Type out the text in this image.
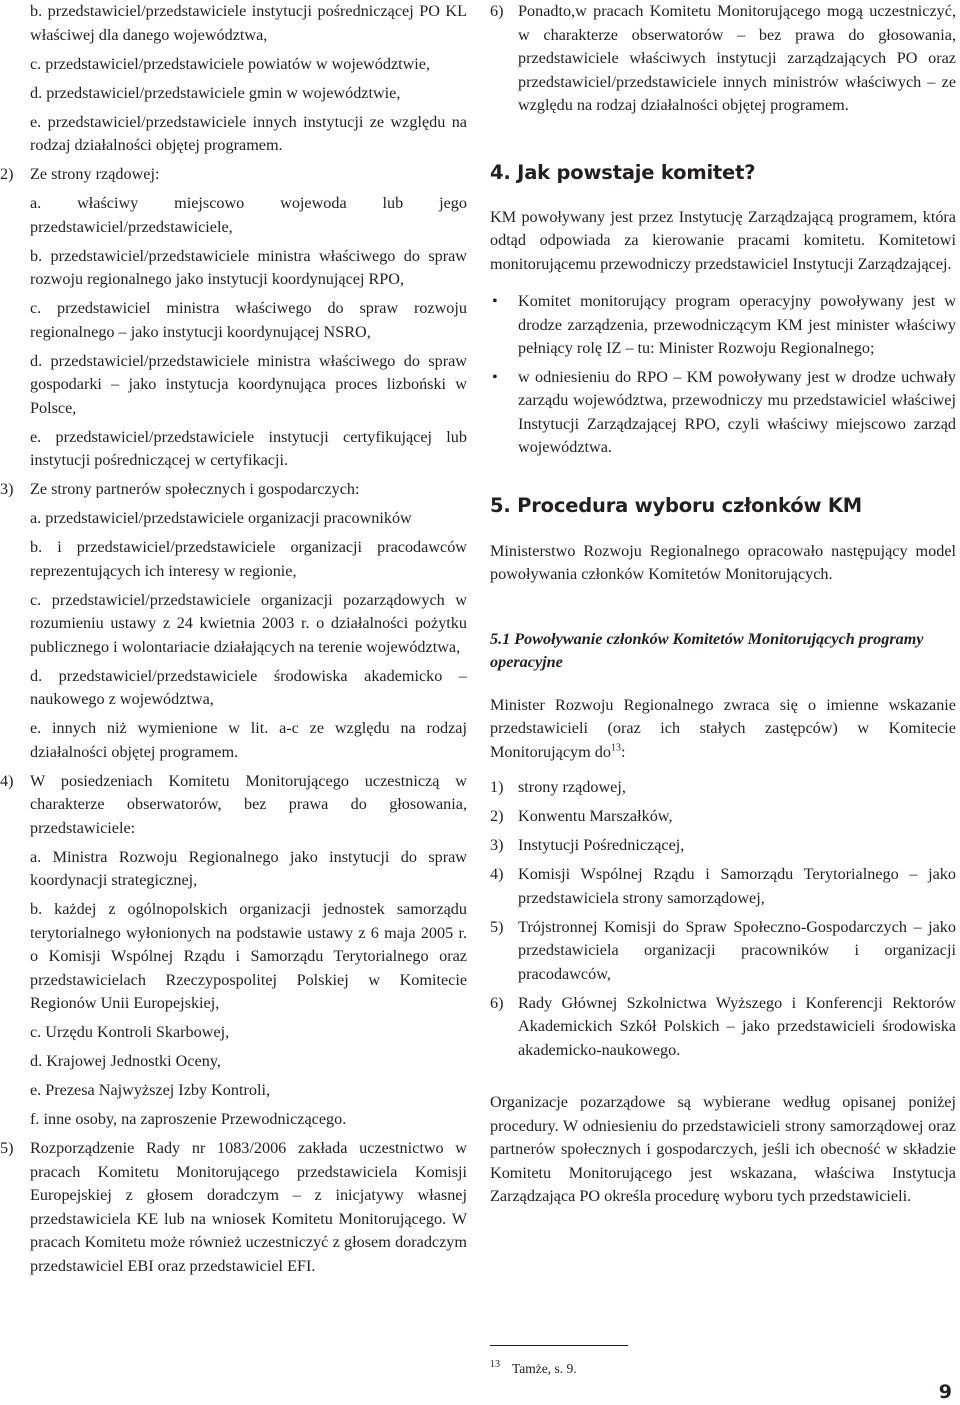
b. przedstawiciel/przedstawiciele instytucji pośredniczącej PO KL właściwej dla danego województwa,

c. przedstawiciel/przedstawiciele powiatów w województwie,

d. przedstawiciel/przedstawiciele gmin w województwie,

e. przedstawiciel/przedstawiciele innych instytucji ze względu na rodzaj działalności objętej programem.

2)	Ze strony rządowej:

a. właściwy miejscowo wojewoda lub jego przedstawiciel/przedstawiciele,

b. przedstawiciel/przedstawiciele ministra właściwego do spraw rozwoju regionalnego jako instytucji koordynującej RPO,

c. przedstawiciel ministra właściwego do spraw rozwoju regionalnego – jako instytucji koordynującej NSRO,

d. przedstawiciel/przedstawiciele ministra właściwego do spraw gospodarki – jako instytucja koordynująca proces lizboński w Polsce,

e. przedstawiciel/przedstawiciele instytucji certyfikującej lub instytucji pośredniczącej w certyfikacji.

3)	Ze strony partnerów społecznych i gospodarczych:

a. przedstawiciel/przedstawiciele organizacji pracowników

b. i przedstawiciel/przedstawiciele organizacji pracodawców reprezentujących ich interesy w regionie,

c. przedstawiciel/przedstawiciele organizacji pozarządowych w rozumieniu ustawy z 24 kwietnia 2003 r. o działalności pożytku publicznego i wolontariacie działających na terenie województwa,

d. przedstawiciel/przedstawiciele środowiska akademicko – naukowego z województwa,

e. innych niż wymienione w lit. a-c ze względu na rodzaj działalności objętej programem.

4)	W posiedzeniach Komitetu Monitorującego uczestniczą w charakterze obserwatorów, bez prawa do głosowania, przedstawiciele:

a. Ministra Rozwoju Regionalnego jako instytucji do spraw koordynacji strategicznej,

b. każdej z ogólnopolskich organizacji jednostek samorządu terytorialnego wyłonionych na podstawie ustawy z 6 maja 2005 r. o Komisji Wspólnej Rządu i Samorządu Terytorialnego oraz przedstawicielach Rzeczypospolitej Polskiej w Komitecie Regionów Unii Europejskiej,

c. Urzędu Kontroli Skarbowej,

d. Krajowej Jednostki Oceny,

e. Prezesa Najwyższej Izby Kontroli,

f. inne osoby, na zaproszenie Przewodniczącego.

5)	Rozporządzenie Rady nr 1083/2006 zakłada uczestnictwo w pracach Komitetu Monitorującego przedstawiciela Komisji Europejskiej z głosem doradczym – z inicjatywy własnej przedstawiciela KE lub na wniosek Komitetu Monitorującego. W pracach Komitetu może również uczestniczyć z głosem doradczym przedstawiciel EBI oraz przedstawiciel EFI.
6) Ponadto,w pracach Komitetu Monitorującego mogą uczestniczyć, w charakterze obserwatorów – bez prawa do głosowania, przedstawiciele właściwych instytucji zarządzających PO oraz przedstawiciel/przedstawiciele innych ministrów właściwych – ze względu na rodzaj działalności objętej programem.
4. Jak powstaje komitet?

KM powoływany jest przez Instytucję Zarządzającą programem, która odtąd odpowiada za kierowanie pracami komitetu. Komitetowi monitorującemu przewodniczy przedstawiciel Instytucji Zarządzającej.

•	Komitet monitorujący program operacyjny powoływany jest w drodze zarządzenia, przewodniczącym KM jest minister właściwy pełniący rolę IZ – tu: Minister Rozwoju Regionalnego;
•	w odniesieniu do RPO – KM powoływany jest w drodze uchwały zarządu województwa, przewodniczy mu przedstawiciel właściwej Instytucji Zarządzającej RPO, czyli właściwy miejscowo zarząd województwa.
5. Procedura wyboru członków KM

Ministerstwo Rozwoju Regionalnego opracowało następujący model powoływania członków Komitetów Monitorujących.

5.1 Powoływanie członków Komitetów Monitorujących programy operacyjne

Minister Rozwoju Regionalnego zwraca się o imienne wskazanie przedstawicieli (oraz ich stałych zastępców) w Komitecie Monitorującym $do^{13}$:

1) strony rządowej,
2) Konwentu Marszałków,
3) Instytucji Pośredniczącej,
4) Komisji Wspólnej Rządu i Samorządu Terytorialnego – jako przedstawiciela strony samorządowej,
5) Trójstronnej Komisji do Spraw Społeczno-Gospodarczych – jako przedstawiciela organizacji pracowników i organizacji pracodawców,
6) Rady Głównej Szkolnictwa Wyższego i Konferencji Rektorów Akademickich Szkół Polskich – jako przedstawicieli środowiska akademicko-naukowego.

Organizacje pozarządowe są wybierane według opisanej poniżej procedury. W odniesieniu do przedstawicieli strony samorządowej oraz partnerów społecznych i gospodarczych, jeśli ich obecność w składzie Komitetu Monitorującego jest wskazana, właściwa Instytucja Zarządzająca PO określa procedurę wyboru tych przedstawicieli.

13 Tamże, s. 9.
9
